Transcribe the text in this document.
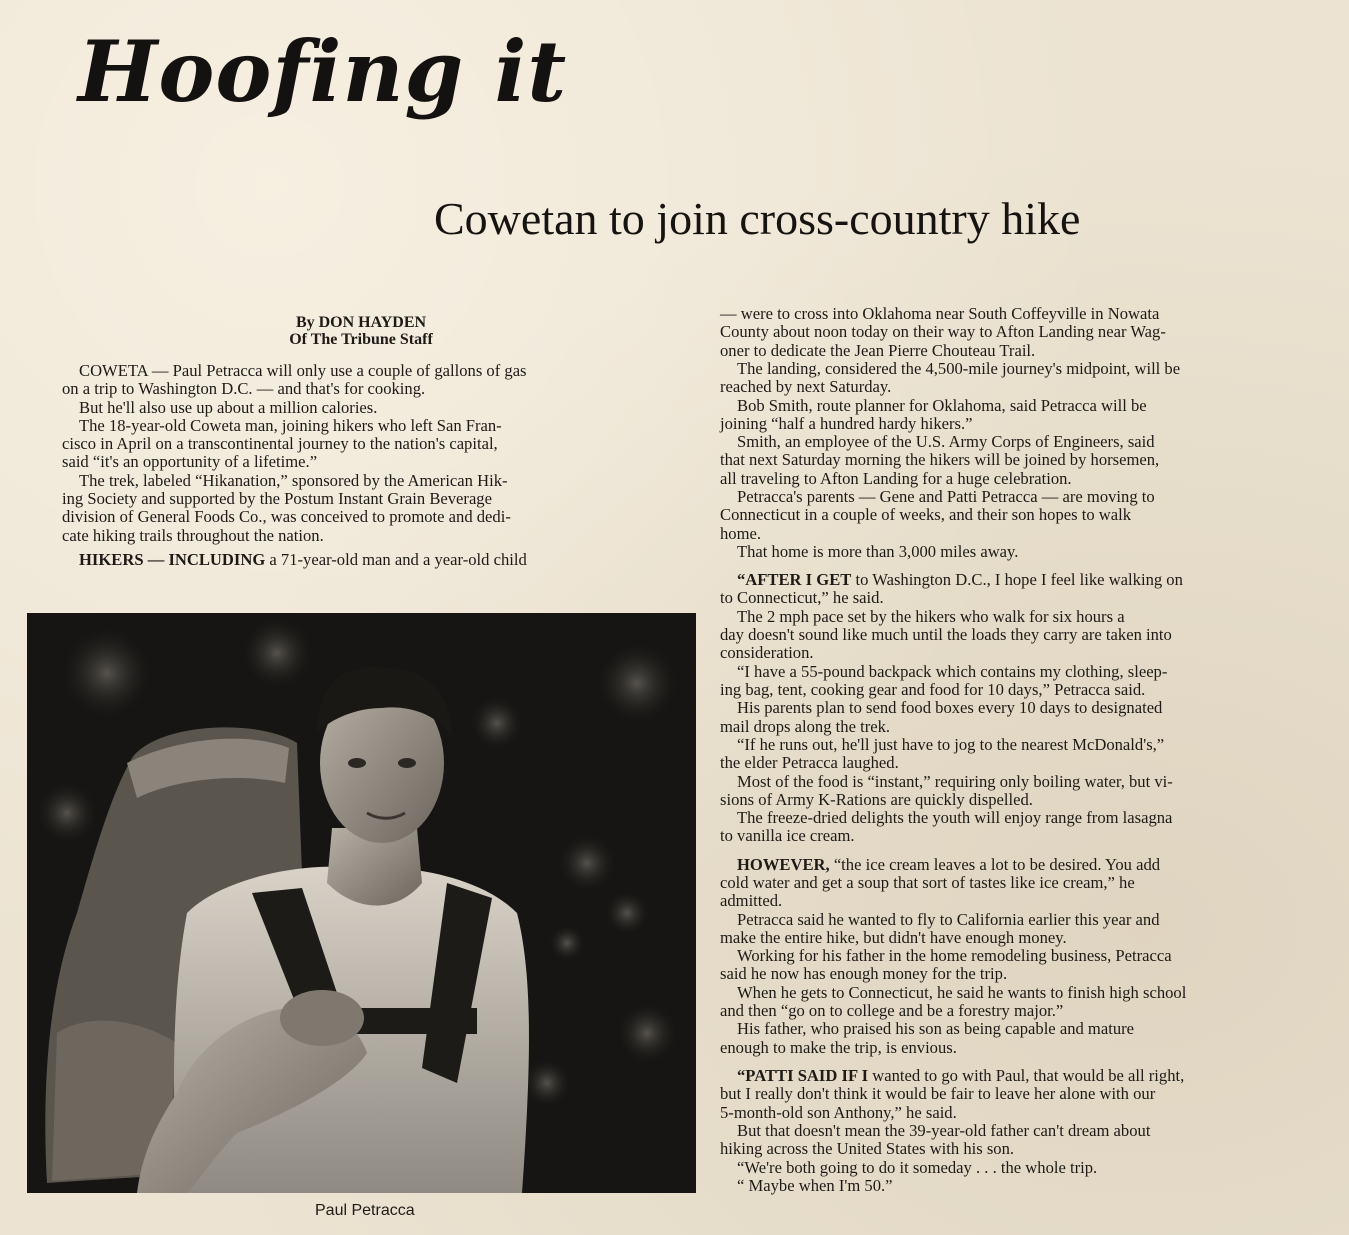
Hoofing it
Cowetan to join cross-country hike
By DON HAYDEN
Of The Tribune Staff

COWETA — Paul Petracca will only use a couple of gallons of gas
on a trip to Washington D.C. — and that's for cooking.

But he'll also use up about a million calories.

The 18-year-old Coweta man, joining hikers who left San Fran-
cisco in April on a transcontinental journey to the nation's capital,
said “it's an opportunity of a lifetime.”

The trek, labeled “Hikanation,” sponsored by the American Hik-
ing Society and supported by the Postum Instant Grain Beverage
division of General Foods Co., was conceived to promote and dedi-
cate hiking trails throughout the nation.

HIKERS — INCLUDING a 71-year-old man and a year-old child

— were to cross into Oklahoma near South Coffeyville in Nowata
County about noon today on their way to Afton Landing near Wag-
oner to dedicate the Jean Pierre Chouteau Trail.

The landing, considered the 4,500-mile journey's midpoint, will be
reached by next Saturday.

Bob Smith, route planner for Oklahoma, said Petracca will be
joining “half a hundred hardy hikers.”

Smith, an employee of the U.S. Army Corps of Engineers, said
that next Saturday morning the hikers will be joined by horsemen,
all traveling to Afton Landing for a huge celebration.

Petracca's parents — Gene and Patti Petracca — are moving to
Connecticut in a couple of weeks, and their son hopes to walk
home.

That home is more than 3,000 miles away.

“AFTER I GET to Washington D.C., I hope I feel like walking on
to Connecticut,” he said.

The 2 mph pace set by the hikers who walk for six hours a
day doesn't sound like much until the loads they carry are taken into
consideration.

“I have a 55-pound backpack which contains my clothing, sleep-
ing bag, tent, cooking gear and food for 10 days,” Petracca said.

His parents plan to send food boxes every 10 days to designated
mail drops along the trek.

“If he runs out, he'll just have to jog to the nearest McDonald's,”
the elder Petracca laughed.

Most of the food is “instant,” requiring only boiling water, but vi-
sions of Army K-Rations are quickly dispelled.

The freeze-dried delights the youth will enjoy range from lasagna
to vanilla ice cream.

HOWEVER, “the ice cream leaves a lot to be desired. You add
cold water and get a soup that sort of tastes like ice cream,” he
admitted.

Petracca said he wanted to fly to California earlier this year and
make the entire hike, but didn't have enough money.

Working for his father in the home remodeling business, Petracca
said he now has enough money for the trip.

When he gets to Connecticut, he said he wants to finish high school
and then “go on to college and be a forestry major.”

His father, who praised his son as being capable and mature
enough to make the trip, is envious.

“PATTI SAID IF I wanted to go with Paul, that would be all right,
but I really don't think it would be fair to leave her alone with our
5-month-old son Anthony,” he said.

But that doesn't mean the 39-year-old father can't dream about
hiking across the United States with his son.

“We're both going to do it someday . . . the whole trip.

“ Maybe when I'm 50.”

Paul Petracca
